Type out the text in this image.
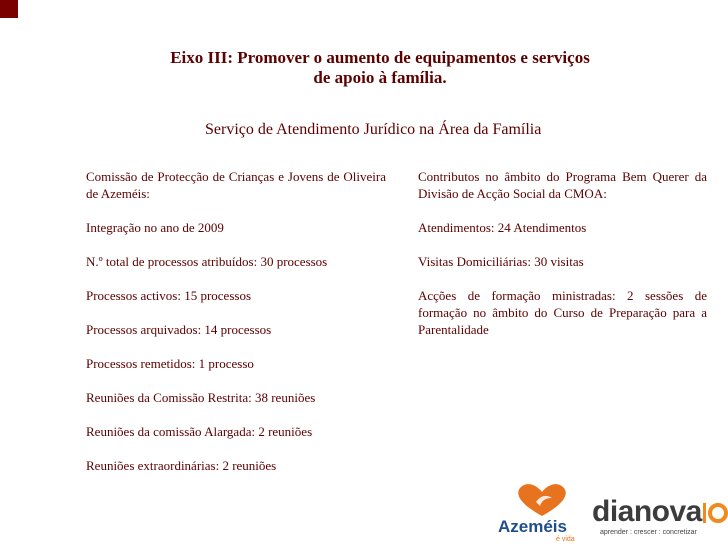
Eixo III: Promover o aumento de equipamentos e serviços
de apoio à família.
Serviço de Atendimento Jurídico na Área da Família

Comissão de Protecção de Crianças e Jovens de Oliveira de Azeméis:

Integração no ano de 2009

N.º total de processos atribuídos: 30 processos

Processos activos: 15 processos

Processos arquivados: 14 processos

Processos remetidos: 1 processo

Reuniões da Comissão Restrita: 38 reuniões

Reuniões da comissão Alargada: 2 reuniões

Reuniões extraordinárias: 2 reuniões

Contributos no âmbito do Programa Bem Querer da Divisão de Acção Social da CMOA:

Atendimentos: 24 Atendimentos

Visitas Domiciliárias: 30 visitas

Acções de formação ministradas: 2 sessões de formação no âmbito do Curso de Preparação para a Parentalidade

Azeméis
é vida
dianova
aprender : crescer : concretizar
